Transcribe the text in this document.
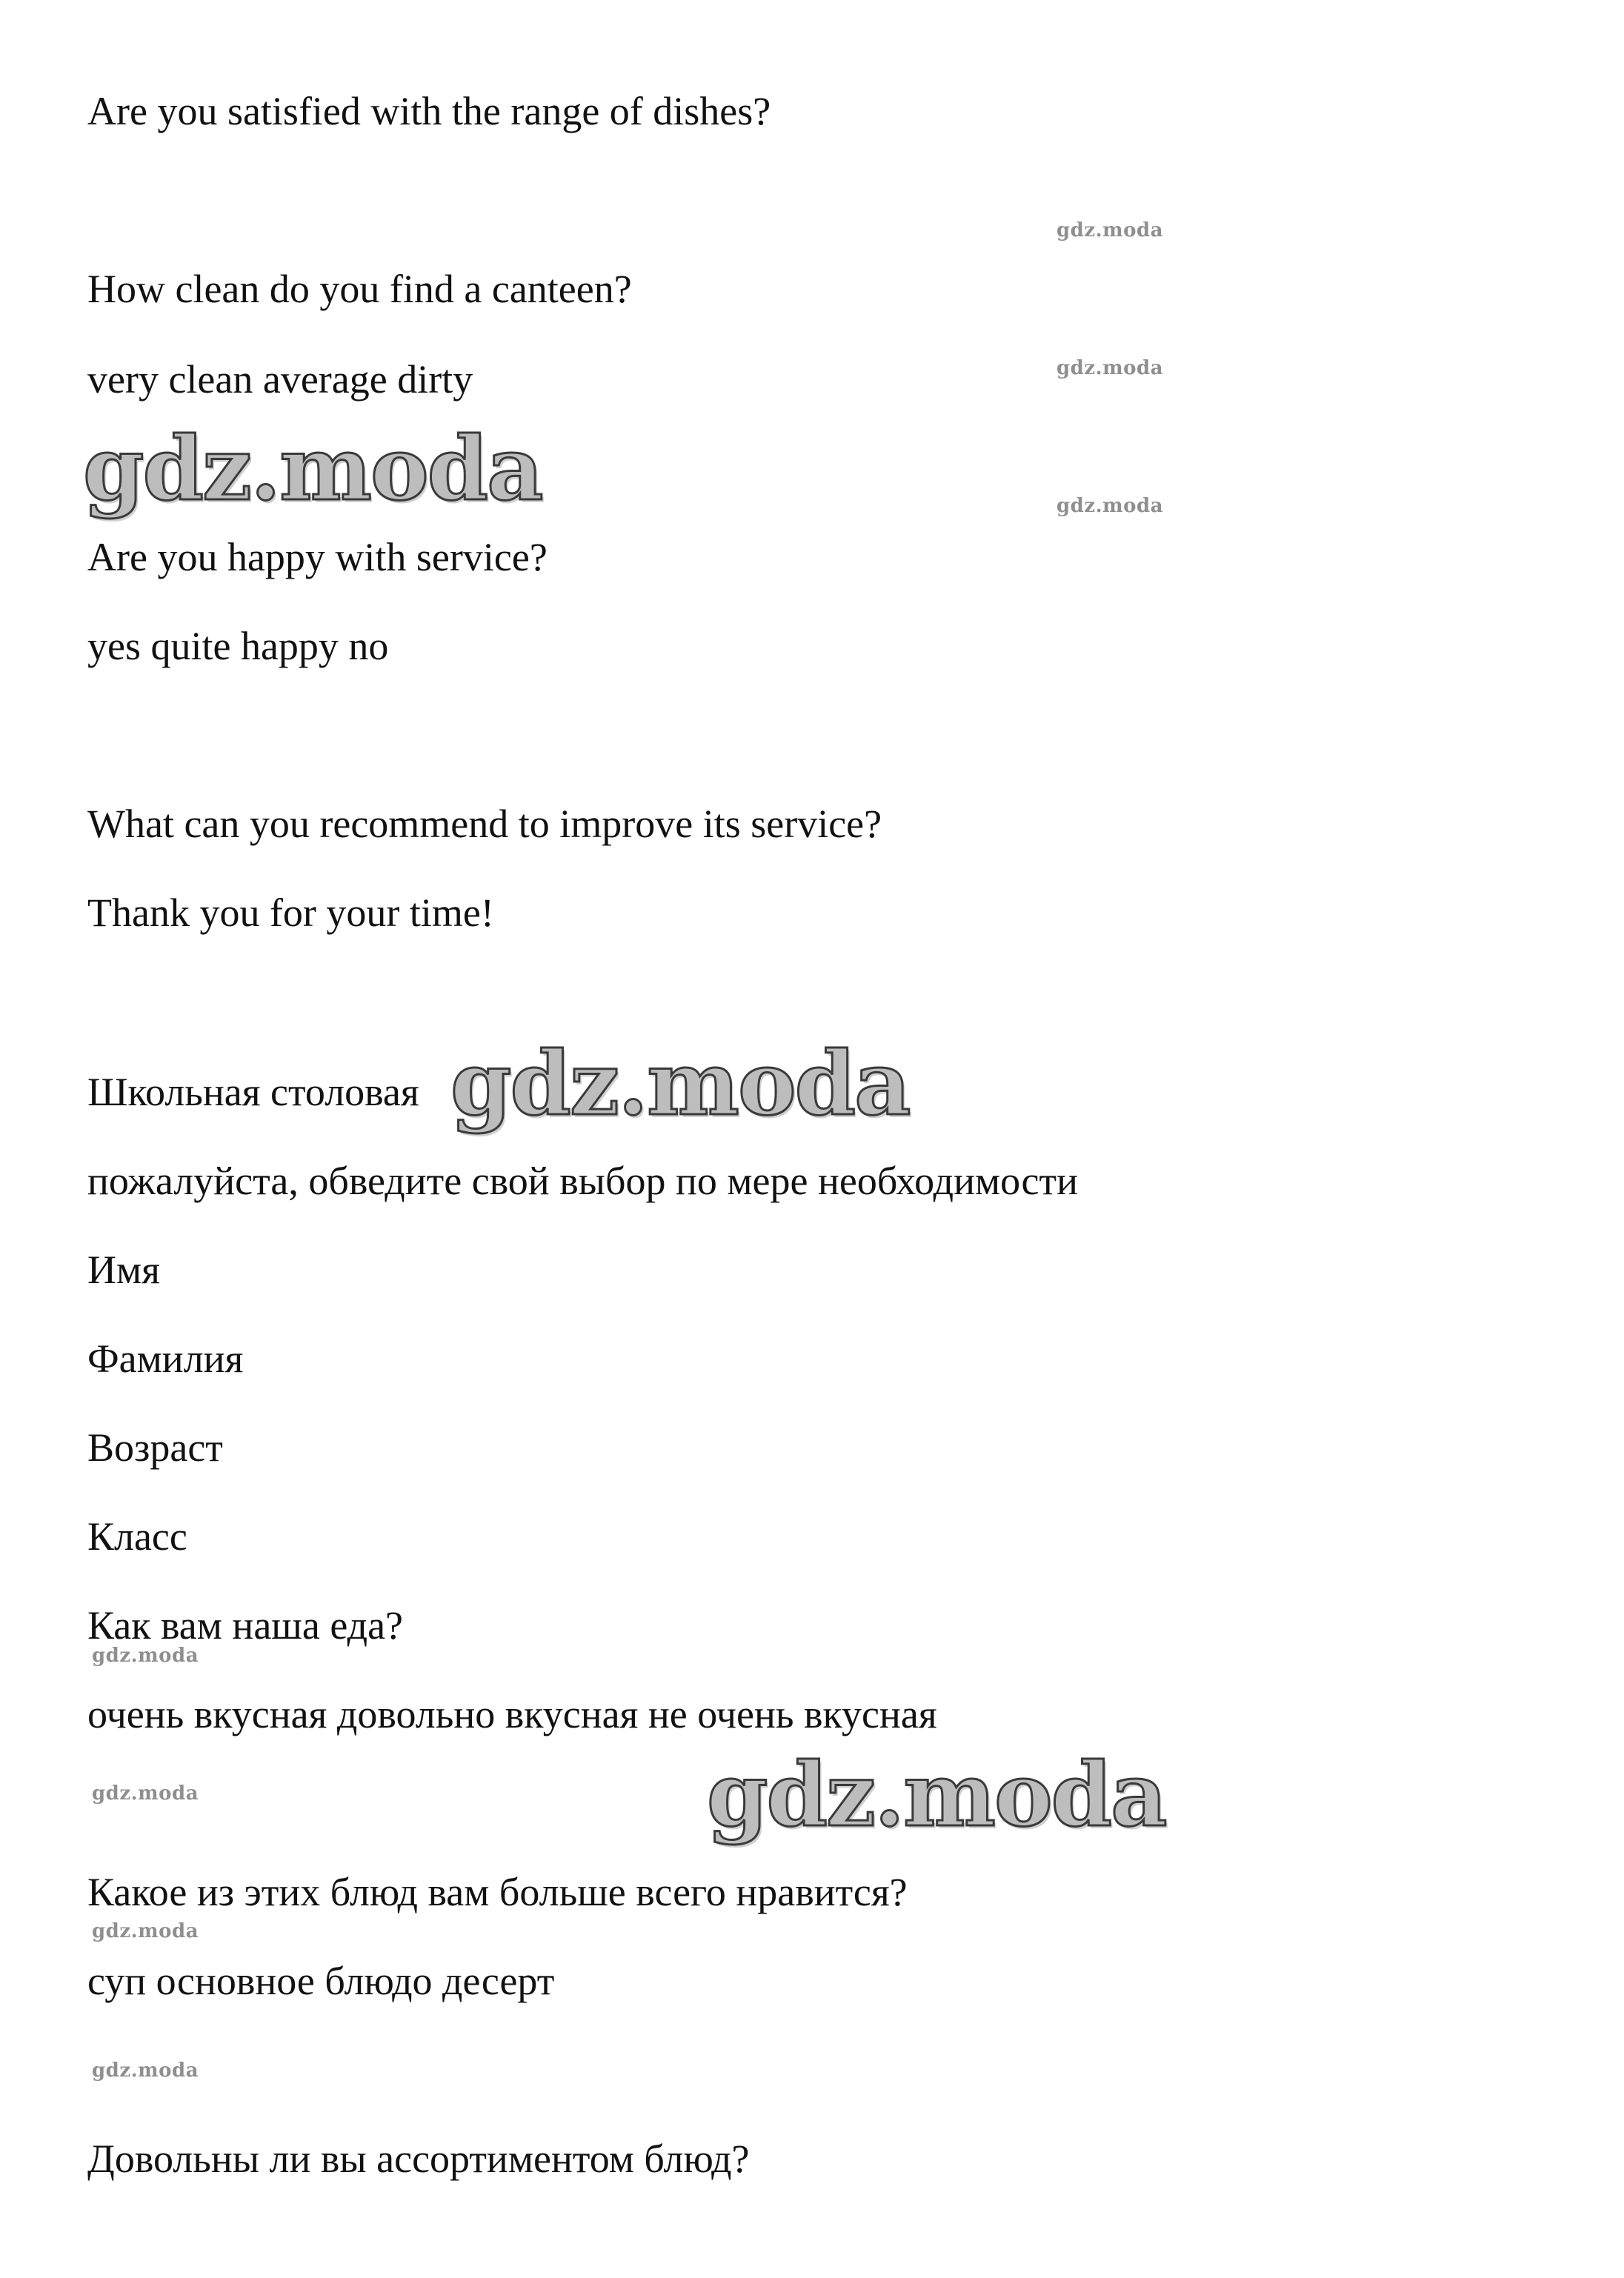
Are you satisfied with the range of dishes?

How clean do you find a canteen?

very clean average dirty

Are you happy with service?

yes quite happy no

What can you recommend to improve its service?

Thank you for your time!

Школьная столовая

пожалуйста, обведите свой выбор по мере необходимости

Имя

Фамилия

Возраст

Класс

Как вам наша еда?

очень вкусная довольно вкусная не очень вкусная

Какое из этих блюд вам больше всего нравится?

суп основное блюдо десерт

Довольны ли вы ассортиментом блюд?

gdz.moda
gdz.moda
gdz.moda
gdz.moda
gdz.moda
gdz.moda
gdz.moda
gdz.moda
gdz.moda
gdz.moda
